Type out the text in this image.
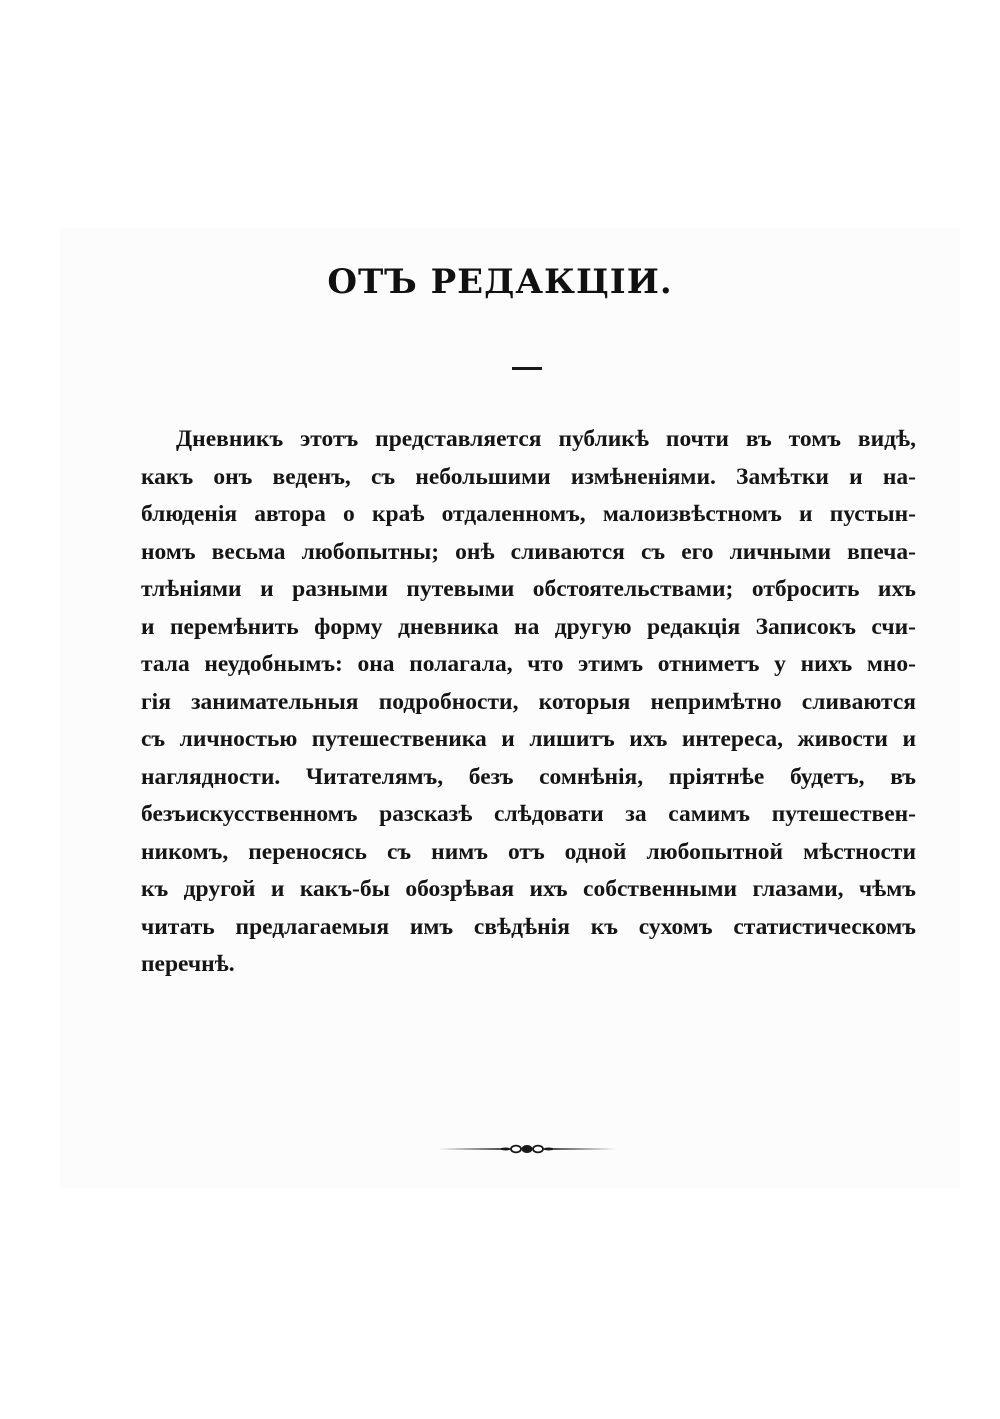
ОТЪ РЕДАКЦІИ.
Дневникъ этотъ представляется публикѣ почти въ томъ видѣ,
какъ онъ веденъ, съ небольшими измѣненіями. Замѣтки и на-
блюденія автора о краѣ отдаленномъ, малоизвѣстномъ и пустын-
номъ весьма любопытны; онѣ сливаются съ его личными впеча-
тлѣніями и разными путевыми обстоятельствами; отбросить ихъ
и перемѣнить форму дневника на другую редакція Записокъ счи-
тала неудобнымъ: она полагала, что этимъ отниметъ у нихъ мно-
гія занимательныя подробности, которыя непримѣтно сливаются
съ личностью путешественика и лишитъ ихъ интереса, живости и
наглядности. Читателямъ, безъ сомнѣнія, пріятнѣе будетъ, въ
безъискусственномъ разсказѣ слѣдовати за самимъ путешествен-
никомъ, переносясь съ нимъ отъ одной любопытной мѣстности
къ другой и какъ-бы обозрѣвая ихъ собственными глазами, чѣмъ
читать предлагаемыя имъ свѣдѣнія къ сухомъ статистическомъ
перечнѣ.
